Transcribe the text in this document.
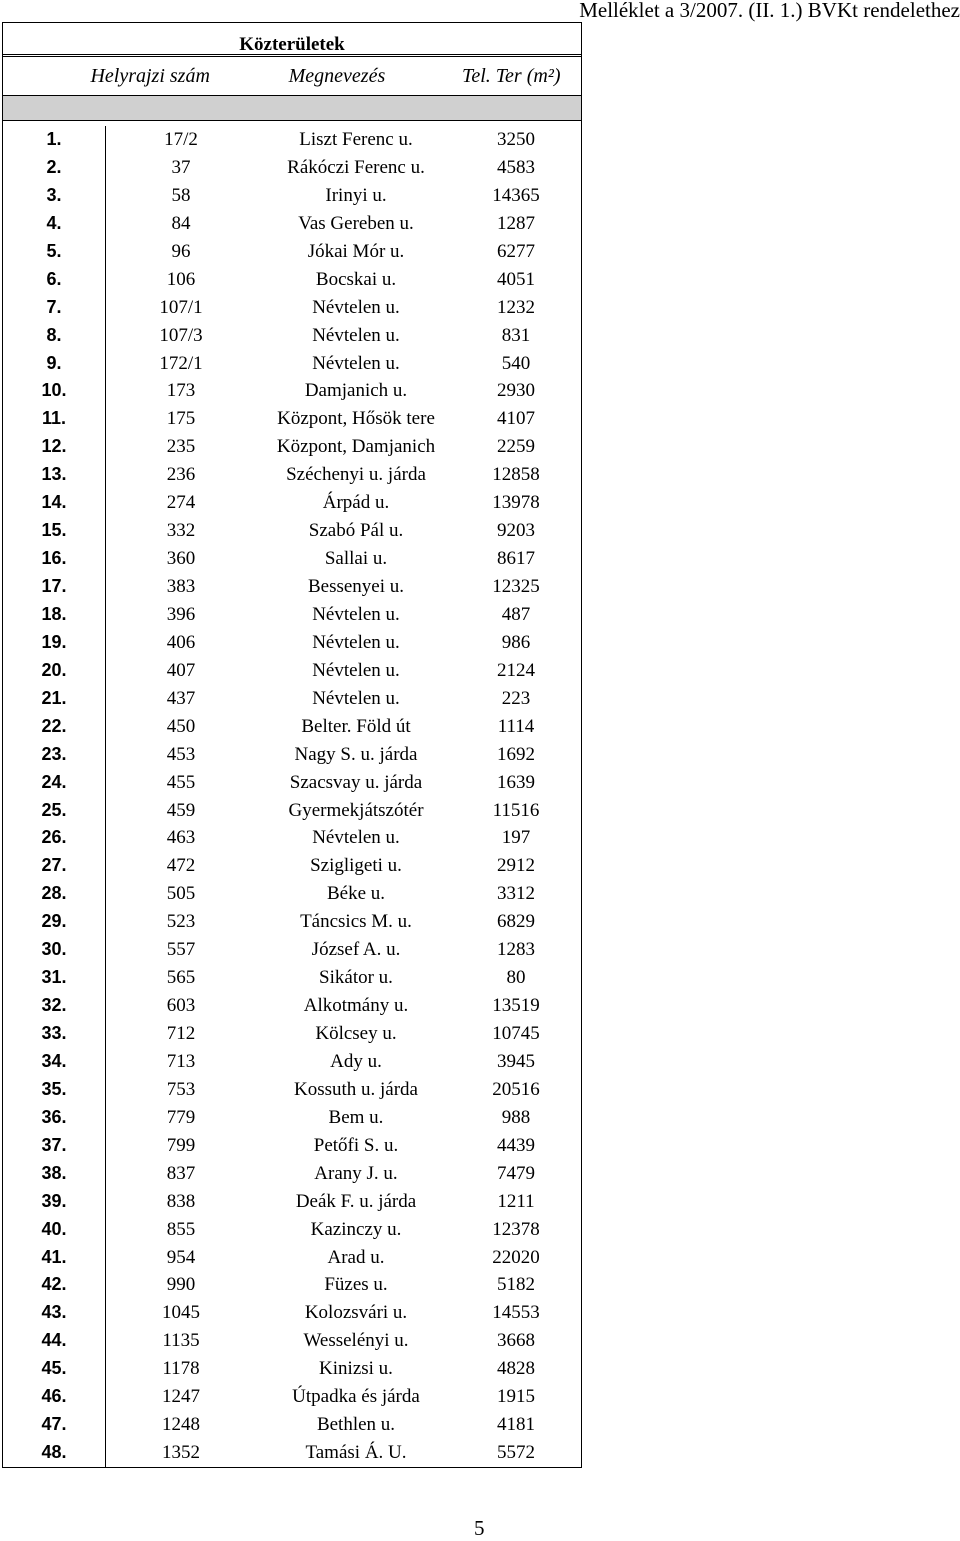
Melléklet a 3/2007. (II. 1.) BVKt rendelethez
Közterületek
Helyrajzi szám	Megnevezés	Tel. Ter (m²)
1.	17/2	Liszt Ferenc u.	3250
2.	37	Rákóczi Ferenc u.	4583
3.	58	Irinyi u.	14365
4.	84	Vas Gereben u.	1287
5.	96	Jókai Mór u.	6277
6.	106	Bocskai u.	4051
7.	107/1	Névtelen u.	1232
8.	107/3	Névtelen u.	831
9.	172/1	Névtelen u.	540
10.	173	Damjanich u.	2930
11.	175	Központ, Hősök tere	4107
12.	235	Központ, Damjanich	2259
13.	236	Széchenyi u. járda	12858
14.	274	Árpád u.	13978
15.	332	Szabó Pál u.	9203
16.	360	Sallai u.	8617
17.	383	Bessenyei u.	12325
18.	396	Névtelen u.	487
19.	406	Névtelen u.	986
20.	407	Névtelen u.	2124
21.	437	Névtelen u.	223
22.	450	Belter. Föld út	1114
23.	453	Nagy S. u. járda	1692
24.	455	Szacsvay u. járda	1639
25.	459	Gyermekjátszótér	11516
26.	463	Névtelen u.	197
27.	472	Szigligeti u.	2912
28.	505	Béke u.	3312
29.	523	Táncsics M. u.	6829
30.	557	József A. u.	1283
31.	565	Sikátor u.	80
32.	603	Alkotmány u.	13519
33.	712	Kölcsey u.	10745
34.	713	Ady u.	3945
35.	753	Kossuth u. járda	20516
36.	779	Bem u.	988
37.	799	Petőfi S. u.	4439
38.	837	Arany J. u.	7479
39.	838	Deák F. u. járda	1211
40.	855	Kazinczy u.	12378
41.	954	Arad u.	22020
42.	990	Füzes u.	5182
43.	1045	Kolozsvári u.	14553
44.	1135	Wesselényi u.	3668
45.	1178	Kinizsi u.	4828
46.	1247	Útpadka és járda	1915
47.	1248	Bethlen u.	4181
48.	1352	Tamási Á. U.	5572
5
